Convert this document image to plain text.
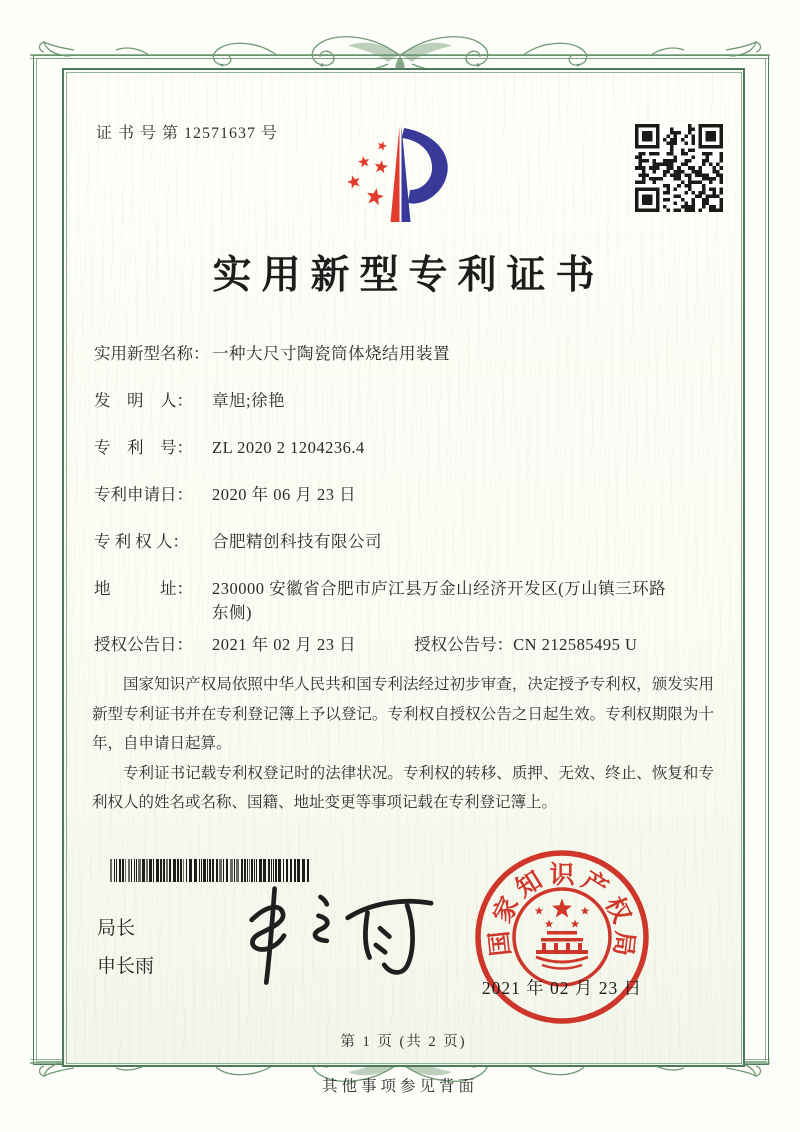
证 书 号 第 12571637 号
实用新型专利证书
实用新型名称： 一种大尺寸陶瓷筒体烧结用装置
发　明　人：	章旭;徐艳
专　利　号：	ZL 2020 2 1204236.4
专利申请日：	2020 年 06 月 23 日
专 利 权 人：	合肥精创科技有限公司
地　　　址：	230000 安徽省合肥市庐江县万金山经济开发区(万山镇三环路东侧)
授权公告日：	2021 年 02 月 23 日	授权公告号： CN 212585495 U

国家知识产权局依照中华人民共和国专利法经过初步审查，决定授予专利权，颁发实用新型专利证书并在专利登记簿上予以登记。专利权自授权公告之日起生效。专利权期限为十年，自申请日起算。

专利证书记载专利权登记时的法律状况。专利权的转移、质押、无效、终止、恢复和专利权人的姓名或名称、国籍、地址变更等事项记载在专利登记簿上。

局长
申长雨
国
家
知 识 产
权
局
2021 年 02 月 23 日
第 1 页 (共 2 页)
其他事项参见背面
